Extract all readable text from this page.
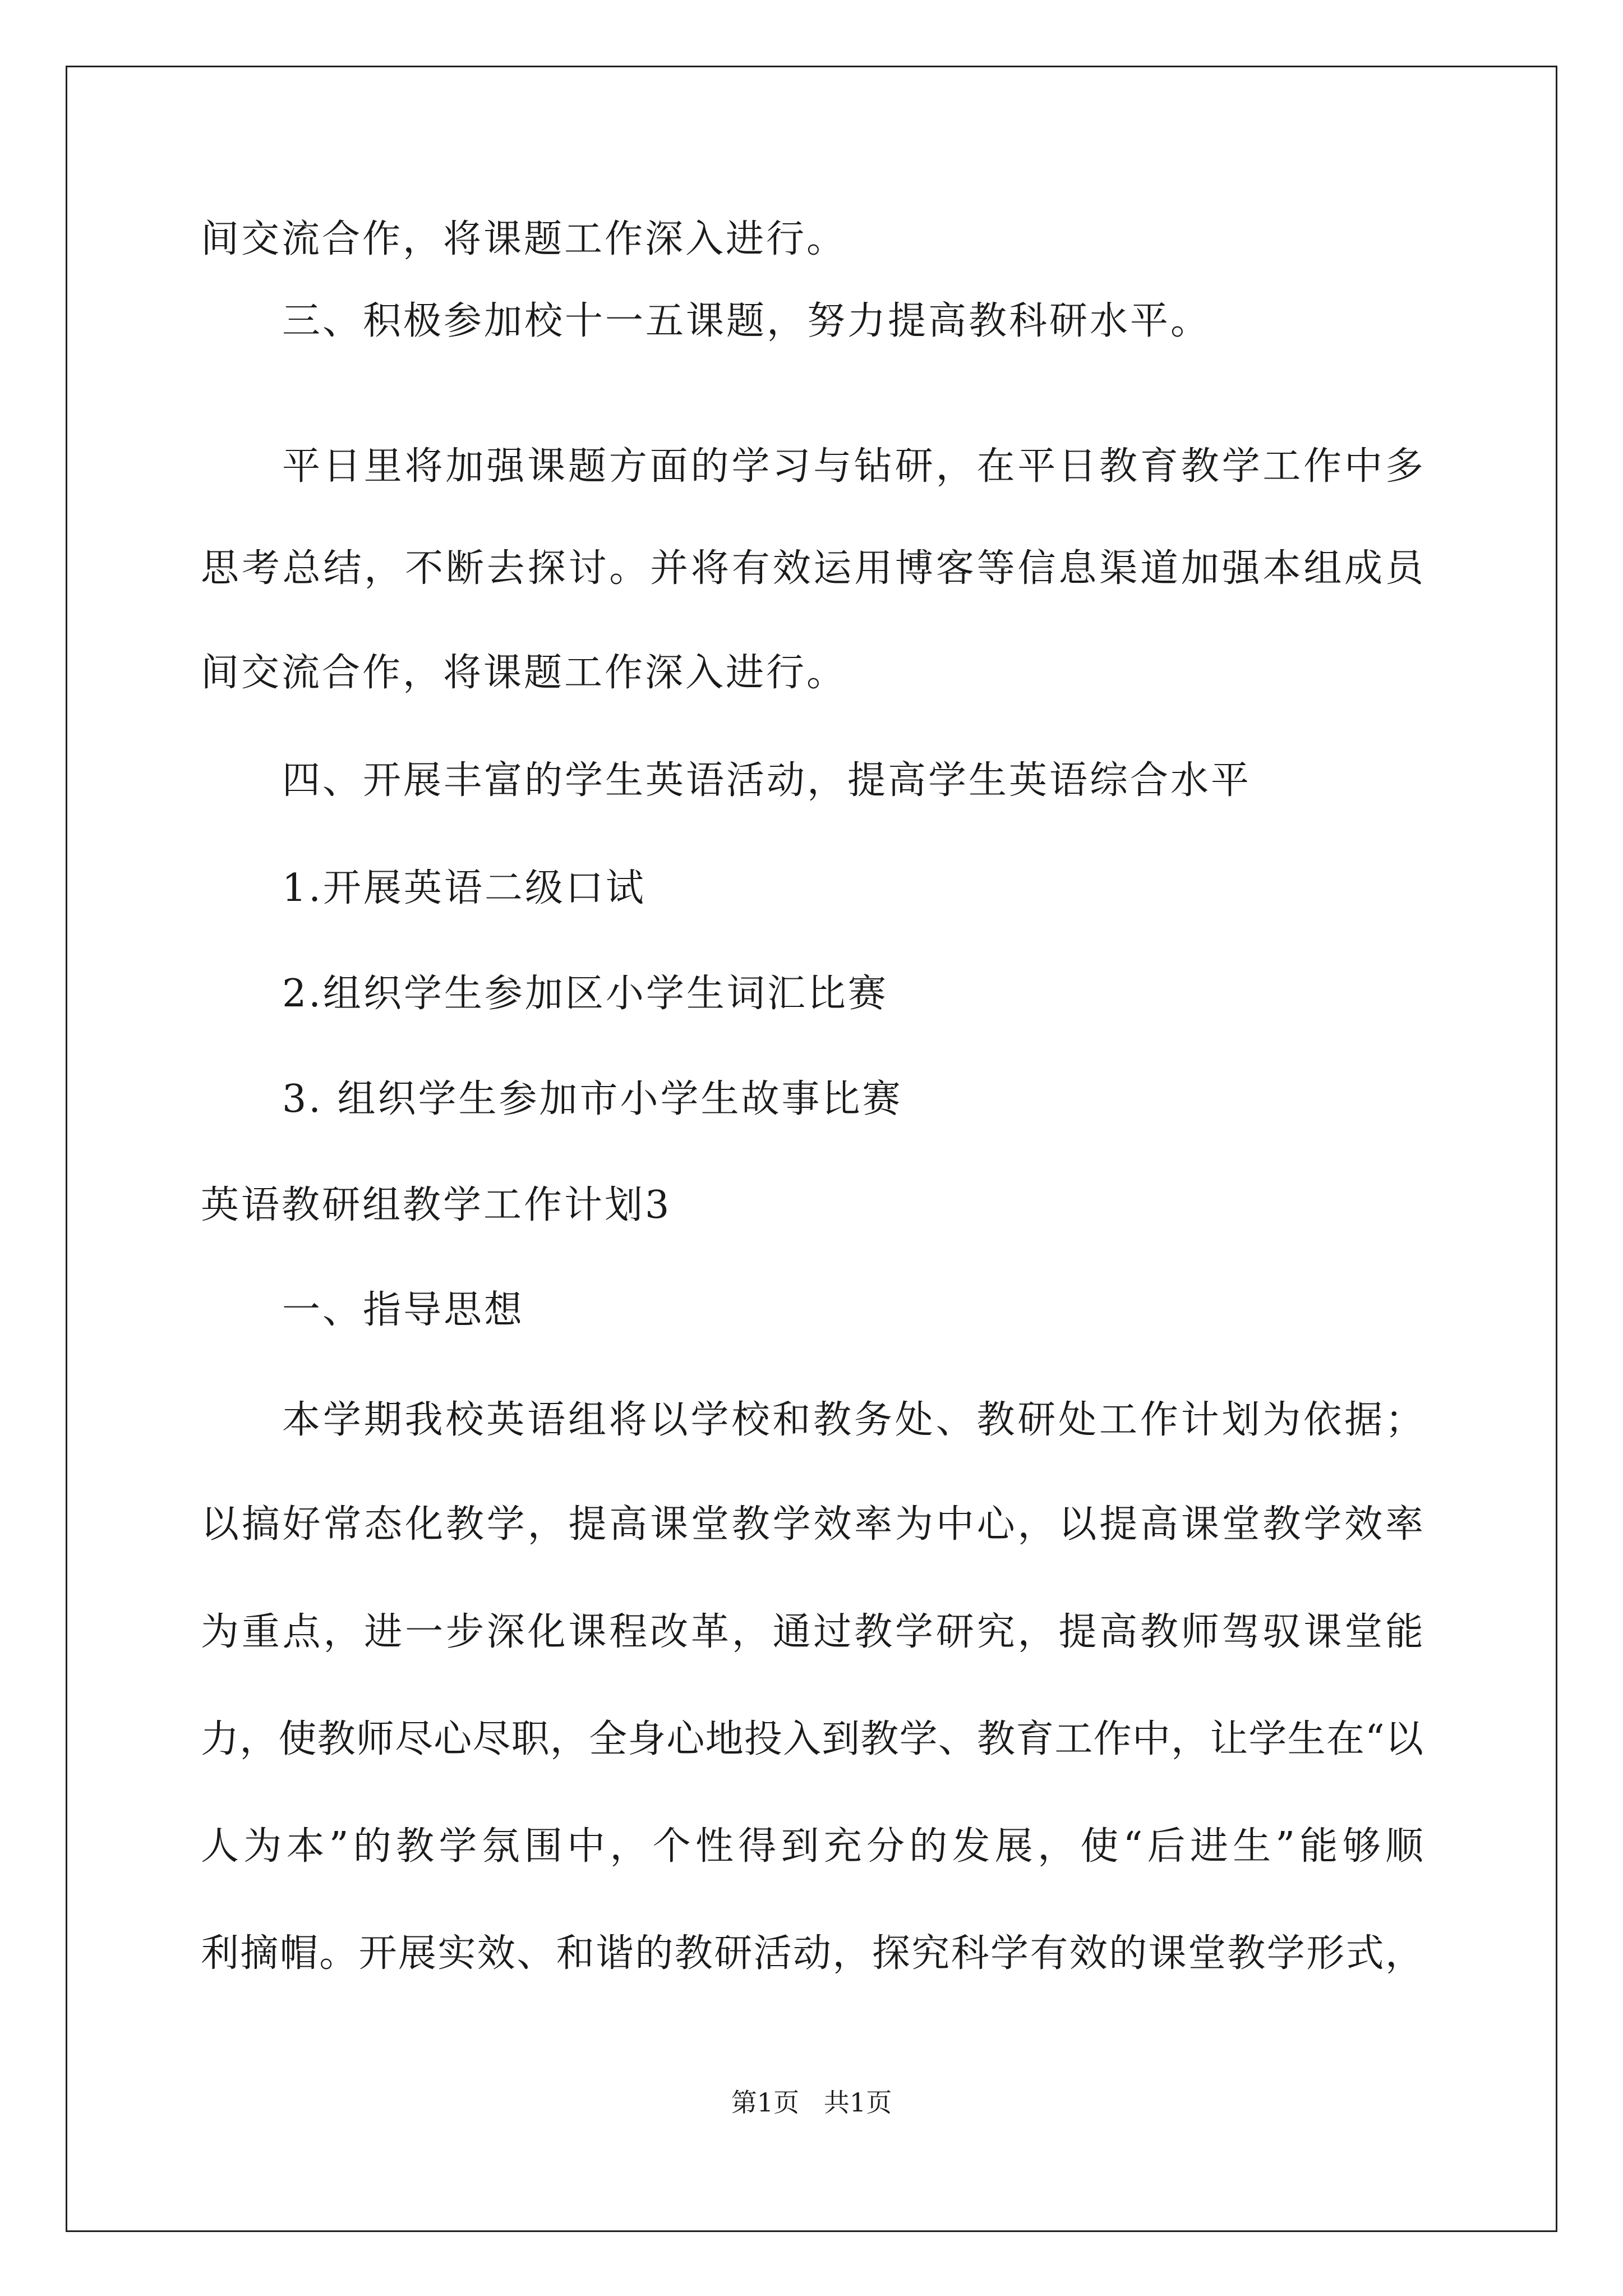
间交流合作，将课题工作深入进行。
三、积极参加校十一五课题，努力提高教科研水平。
平日里将加强课题方面的学习与钻研，在平日教育教学工作中多
思考总结，不断去探讨。并将有效运用博客等信息渠道加强本组成员
间交流合作，将课题工作深入进行。
四、开展丰富的学生英语活动，提高学生英语综合水平
1.开展英语二级口试
2.组织学生参加区小学生词汇比赛
3. 组织学生参加市小学生故事比赛
英语教研组教学工作计划3
一、指导思想
本学期我校英语组将以学校和教务处、教研处工作计划为依据；
以搞好常态化教学，提高课堂教学效率为中心，以提高课堂教学效率
为重点，进一步深化课程改革，通过教学研究，提高教师驾驭课堂能
力，使教师尽心尽职，全身心地投入到教学、教育工作中，让学生在“以
人为本”的教学氛围中，个性得到充分的发展，使“后进生”能够顺
利摘帽。开展实效、和谐的教研活动，探究科学有效的课堂教学形式，
第1页   共1页
